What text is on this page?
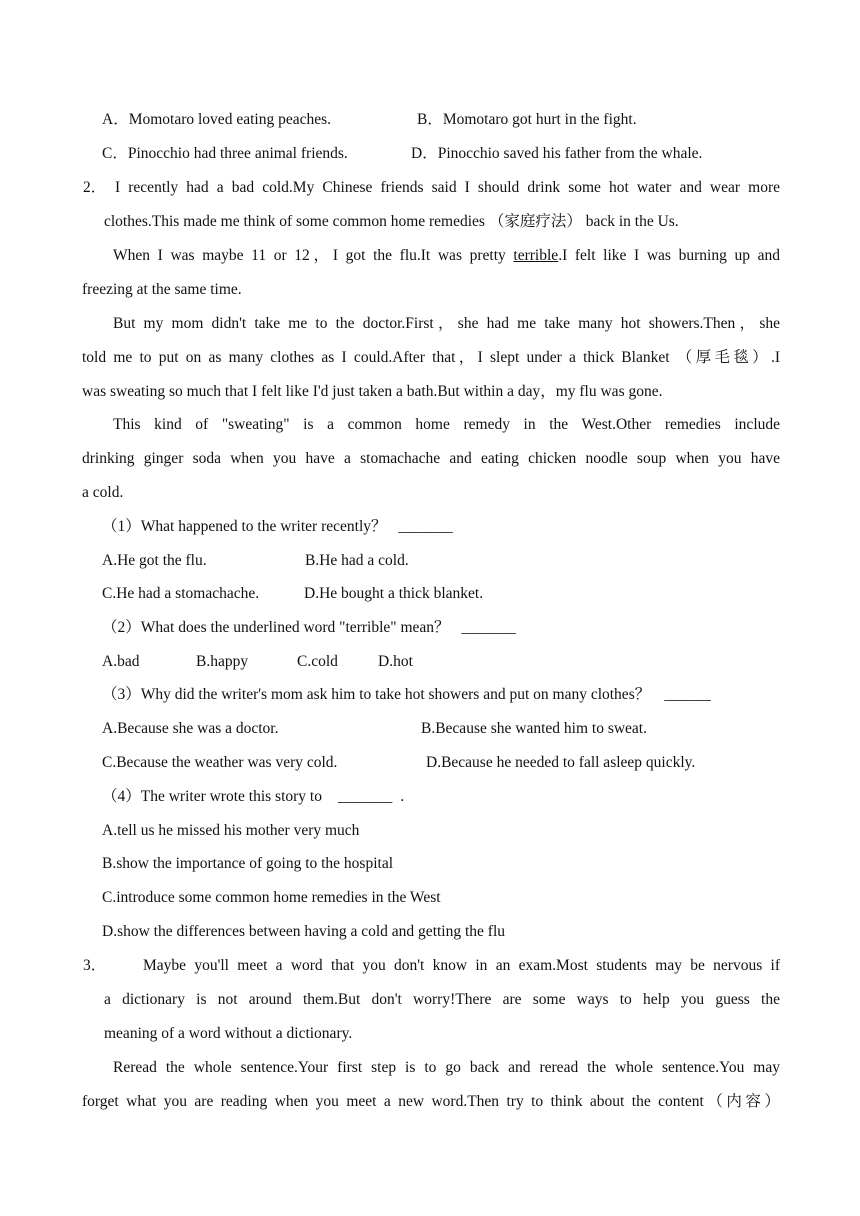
A．Momotaro loved eating peaches.	B．Momotaro got hurt in the fight.
C．Pinocchio had three animal friends.	D．Pinocchio saved his father from the whale.
2． I recently had a bad cold.My Chinese friends said I should drink some hot water and wear more
clothes.This made me think of some common home remedies （家庭疗法） back in the Us.
When I was maybe 11 or 12，I got the flu.It was pretty terrible.I felt like I was burning up and
freezing at the same time.
But my mom didn't take me to the doctor.First，she had me take many hot showers.Then，she
told me to put on as many clothes as I could.After that，I slept under a thick Blanket （厚毛毯）.I
was sweating so much that I felt like I'd just taken a bath.But within a day，my flu was gone.
This kind of "sweating" is a common home remedy in the West.Other remedies include
drinking ginger soda when you have a stomachache and eating chicken noodle soup when you have
a cold.
（1）What happened to the writer recently？ _______
A.He got the flu.	B.He had a cold.
C.He had a stomachache.	D.He bought a thick blanket.
（2）What does the underlined word "terrible" mean？ _______
A.bad	B.happy	C.cold	D.hot
（3）Why did the writer's mom ask him to take hot showers and put on many clothes？ ______
A.Because she was a doctor.	B.Because she wanted him to sweat.
C.Because the weather was very cold.	D.Because he needed to fall asleep quickly.
（4）The writer wrote this story to _______ .
A.tell us he missed his mother very much
B.show the importance of going to the hospital
C.introduce some common home remedies in the West
D.show the differences between having a cold and getting the flu
3． Maybe you'll meet a word that you don't know in an exam.Most students may be nervous if
a dictionary is not around them.But don't worry!There are some ways to help you guess the
meaning of a word without a dictionary.
Reread the whole sentence.Your first step is to go back and reread the whole sentence.You may
forget what you are reading when you meet a new word.Then try to think about the content（内容）
